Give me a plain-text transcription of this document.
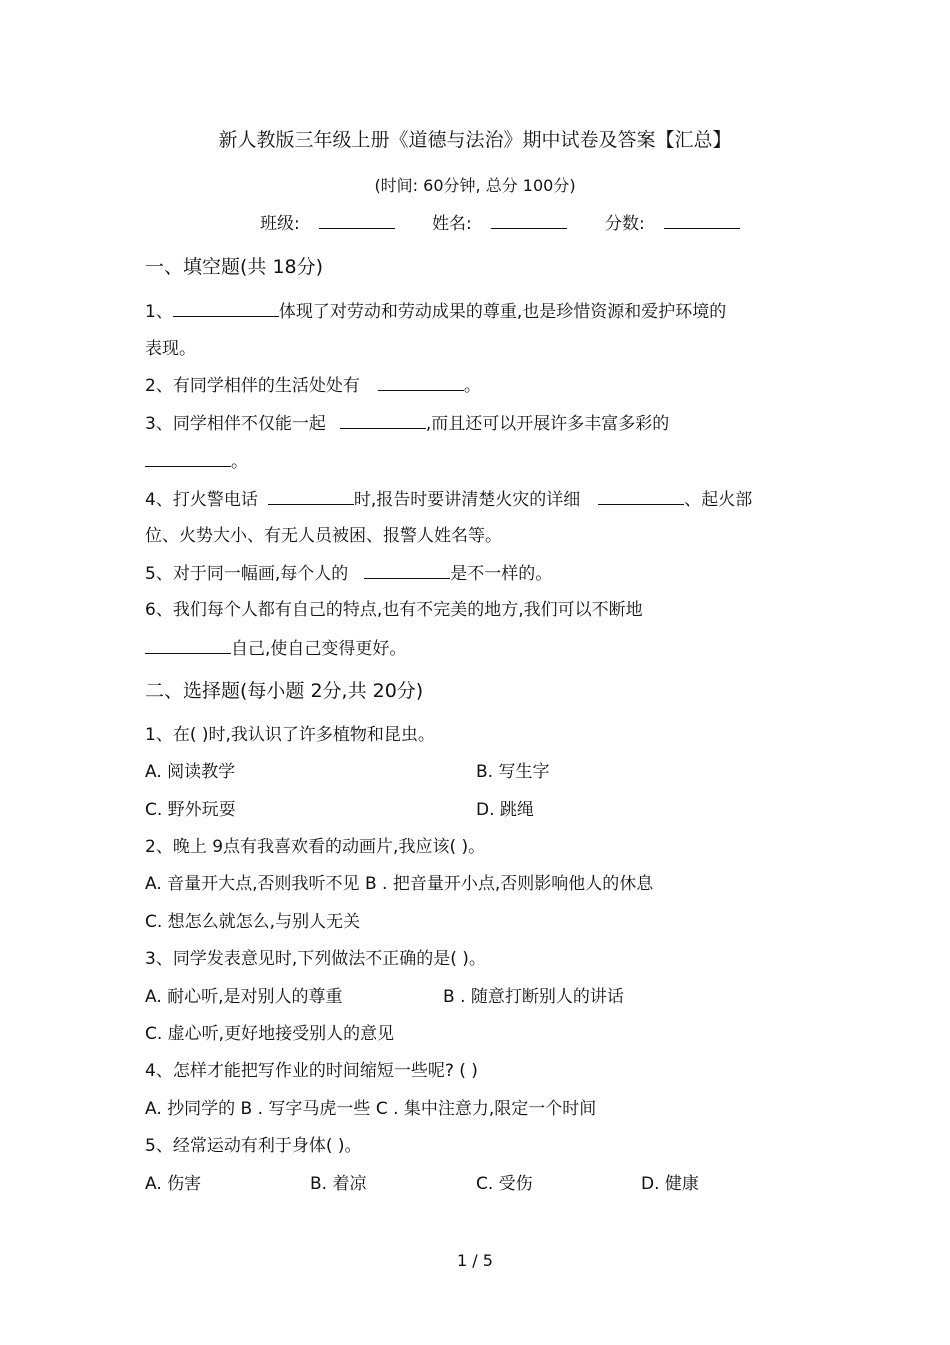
新人教版三年级上册《道德与法治》期中试卷及答案【汇总】
(时间: 60分钟, 总分 100分)
班级:	姓名:	分数:
一、填空题(共 18分)
1、	体现了对劳动和劳动成果的尊重,也是珍惜资源和爱护环境的
表现。
2、有同学相伴的生活处处有	。
3、同学相伴不仅能一起	,而且还可以开展许多丰富多彩的
。
4、打火警电话	时,报告时要讲清楚火灾的详细	、起火部
位、火势大小、有无人员被困、报警人姓名等。
5、对于同一幅画,每个人的	是不一样的。
6、我们每个人都有自己的特点,也有不完美的地方,我们可以不断地
自己,使自己变得更好。
二、选择题(每小题 2分,共 20分)
1、在( )时,我认识了许多植物和昆虫。
A. 阅读教学	B. 写生字
C. 野外玩耍	D. 跳绳
2、晚上 9点有我喜欢看的动画片,我应该( )。
A. 音量开大点,否则我听不见 B . 把音量开小点,否则影响他人的休息
C. 想怎么就怎么,与别人无关
3、同学发表意见时,下列做法不正确的是( )。
A. 耐心听,是对别人的尊重	B . 随意打断别人的讲话
C. 虚心听,更好地接受别人的意见
4、怎样才能把写作业的时间缩短一些呢? ( )
A. 抄同学的 B . 写字马虎一些 C . 集中注意力,限定一个时间
5、经常运动有利于身体( )。
A. 伤害	B. 着凉	C. 受伤	D. 健康
1 / 5
